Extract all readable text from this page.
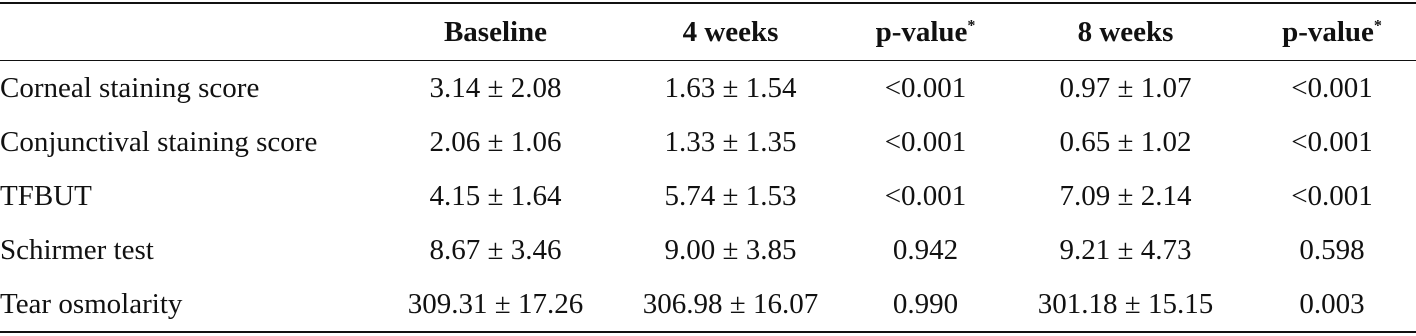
	Baseline	4 weeks	p-value*	8 weeks	p-value*
Corneal staining score	3.14 ± 2.08	1.63 ± 1.54	<0.001	0.97 ± 1.07	<0.001
Conjunctival staining score	2.06 ± 1.06	1.33 ± 1.35	<0.001	0.65 ± 1.02	<0.001
TFBUT	4.15 ± 1.64	5.74 ± 1.53	<0.001	7.09 ± 2.14	<0.001
Schirmer test	8.67 ± 3.46	9.00 ± 3.85	0.942	9.21 ± 4.73	0.598
Tear osmolarity	309.31 ± 17.26	306.98 ± 16.07	0.990	301.18 ± 15.15	0.003
